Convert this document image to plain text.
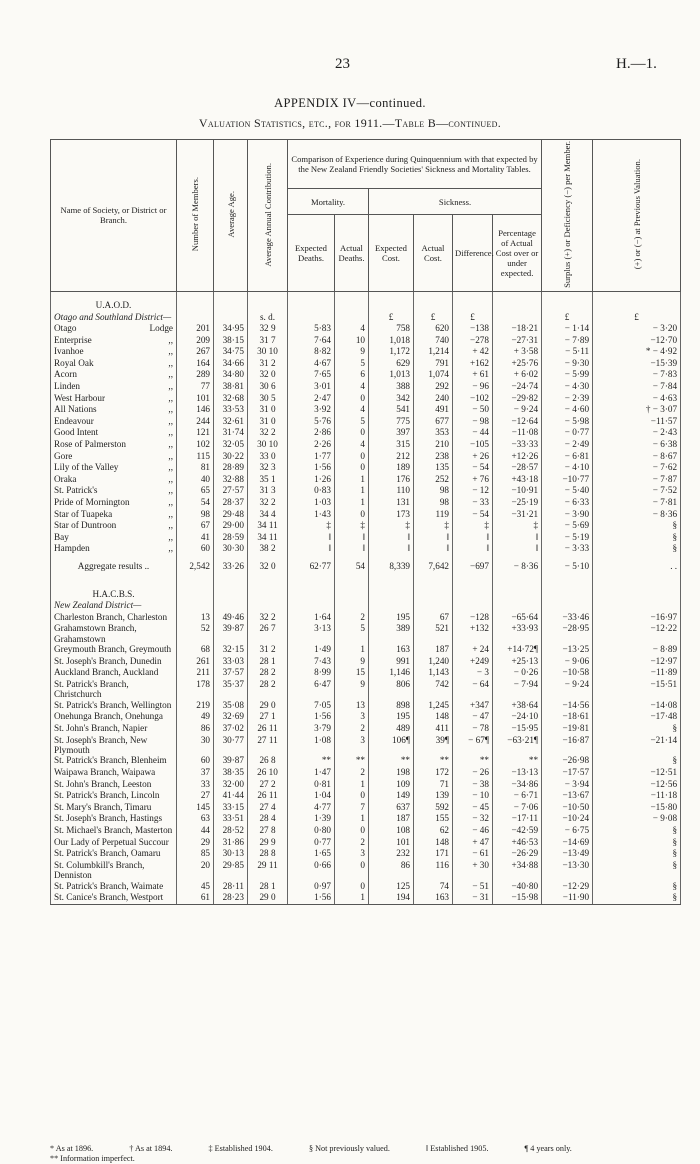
23	H.—1.
APPENDIX IV—continued.
Valuation Statistics, etc., for 1911.—Table B—continued.
Name of Society, or District or Branch.	Number of Members.	Average Age.	Average Annual Contribution.	Comparison of Experience during Quinquennium with that expected by the New Zealand Friendly Societies' Sickness and Mortality Tables.						Surplus (+) or Deficiency (−) per Member.	(+) or (−) at Previous Valuation.
				Mortality.		Sickness.					
				Expected Deaths.	Actual Deaths.	Expected Cost.	Actual Cost.	Difference.	Percentage of Actual Cost over or under expected.		
U.A.O.D.											
Otago and Southland District—			s. d.			£	£	£		£	£

Otago Lodge	201	34·95	32 9	5·83	4	758	620	−138	−18·21	− 1·14	− 3·20

Enterprise ,,	209	38·15	31 7	7·64	10	1,018	740	−278	−27·31	− 7·89	−12·70

Ivanhoe ,,	267	34·75	30 10	8·82	9	1,172	1,214	+ 42	+ 3·58	− 5·11	* − 4·92

Royal Oak ,,	164	34·66	31 2	4·67	5	629	791	+162	+25·76	− 9·30	−15·39

Acorn ,,	289	34·80	32 0	7·65	6	1,013	1,074	+ 61	+ 6·02	− 5·99	− 7·83

Linden ,,	77	38·81	30 6	3·01	4	388	292	− 96	−24·74	− 4·30	− 7·84

West Harbour ,,	101	32·68	30 5	2·47	0	342	240	−102	−29·82	− 2·39	− 4·63

All Nations ,,	146	33·53	31 0	3·92	4	541	491	− 50	− 9·24	− 4·60	† − 3·07

Endeavour ,,	244	32·61	31 0	5·76	5	775	677	− 98	−12·64	− 5·98	−11·57

Good Intent ,,	121	31·74	32 2	2·86	0	397	353	− 44	−11·08	− 0·77	− 2·43

Rose of Palmerston ,,	102	32·05	30 10	2·26	4	315	210	−105	−33·33	− 2·49	− 6·38

Gore ,,	115	30·22	33 0	1·77	0	212	238	+ 26	+12·26	− 6·81	− 8·67

Lily of the Valley ,,	81	28·89	32 3	1·56	0	189	135	− 54	−28·57	− 4·10	− 7·62

Oraka ,,	40	32·88	35 1	1·26	1	176	252	+ 76	+43·18	−10·77	− 7·87

St. Patrick's ,,	65	27·57	31 3	0·83	1	110	98	− 12	−10·91	− 5·40	− 7·52

Pride of Mornington ,,	54	28·37	32 2	1·03	1	131	98	− 33	−25·19	− 6·33	− 7·81

Star of Tuapeka ,,	98	29·48	34 4	1·43	0	173	119	− 54	−31·21	− 3·90	− 8·36

Star of Duntroon ,,	67	29·00	34 11	‡	‡	‡	‡	‡	‡	− 5·69	§

Bay ,,	41	28·59	34 11	‖	‖	‖	‖	‖	‖	− 5·19	§

Hampden ,,	60	30·30	38 2	‖	‖	‖	‖	‖	‖	− 3·33	§
Aggregate results ..	2,542	33·26	32 0	62·77	54	8,339	7,642	−697	− 8·36	− 5·10	. .
H.A.C.B.S.											
New Zealand District—											
Charleston Branch, Charleston	13	49·46	32 2	1·64	2	195	67	−128	−65·64	−33·46	−16·97
Grahamstown Branch, Grahamstown	52	39·87	26 7	3·13	5	389	521	+132	+33·93	−28·95	−12·22
Greymouth Branch, Greymouth	68	32·15	31 2	1·49	1	163	187	+ 24	+14·72¶	−13·25	− 8·89
St. Joseph's Branch, Dunedin	261	33·03	28 1	7·43	9	991	1,240	+249	+25·13	− 9·06	−12·97
Auckland Branch, Auckland	211	37·57	28 2	8·99	15	1,146	1,143	− 3	− 0·26	−10·58	−11·89
St. Patrick's Branch, Christchurch	178	35·37	28 2	6·47	9	806	742	− 64	− 7·94	− 9·24	−15·51
St. Patrick's Branch, Wellington	219	35·08	29 0	7·05	13	898	1,245	+347	+38·64	−14·56	−14·08
Onehunga Branch, Onehunga	49	32·69	27 1	1·56	3	195	148	− 47	−24·10	−18·61	−17·48
St. John's Branch, Napier	86	37·02	26 11	3·79	2	489	411	− 78	−15·95	−19·81	§
St. Joseph's Branch, New Plymouth	30	30·77	27 11	1·08	3	106¶	39¶	− 67¶	−63·21¶	−16·87	−21·14
St. Patrick's Branch, Blenheim	60	39·87	26 8	**	**	**	**	**	**	−26·98	§
Waipawa Branch, Waipawa	37	38·35	26 10	1·47	2	198	172	− 26	−13·13	−17·57	−12·51
St. John's Branch, Leeston	33	32·00	27 2	0·81	1	109	71	− 38	−34·86	− 3·94	−12·56
St. Patrick's Branch, Lincoln	27	41·44	26 11	1·04	0	149	139	− 10	− 6·71	−13·67	−11·18
St. Mary's Branch, Timaru	145	33·15	27 4	4·77	7	637	592	− 45	− 7·06	−10·50	−15·80
St. Joseph's Branch, Hastings	63	33·51	28 4	1·39	1	187	155	− 32	−17·11	−10·24	− 9·08
St. Michael's Branch, Masterton	44	28·52	27 8	0·80	0	108	62	− 46	−42·59	− 6·75	§
Our Lady of Perpetual Succour	29	31·86	29 9	0·77	2	101	148	+ 47	+46·53	−14·69	§
St. Patrick's Branch, Oamaru	85	30·13	28 8	1·65	3	232	171	− 61	−26·29	−13·49	§
St. Columbkill's Branch, Denniston	20	29·85	29 11	0·66	0	86	116	+ 30	+34·88	−13·30	§
St. Patrick's Branch, Waimate	45	28·11	28 1	0·97	0	125	74	− 51	−40·80	−12·29	§
St. Canice's Branch, Westport	61	28·23	29 0	1·56	1	194	163	− 31	−15·98	−11·90	§
* As at 1896.	† As at 1894.	‡ Established 1904.	§ Not previously valued.	‖ Established 1905.	¶ 4 years only.
** Information imperfect.
